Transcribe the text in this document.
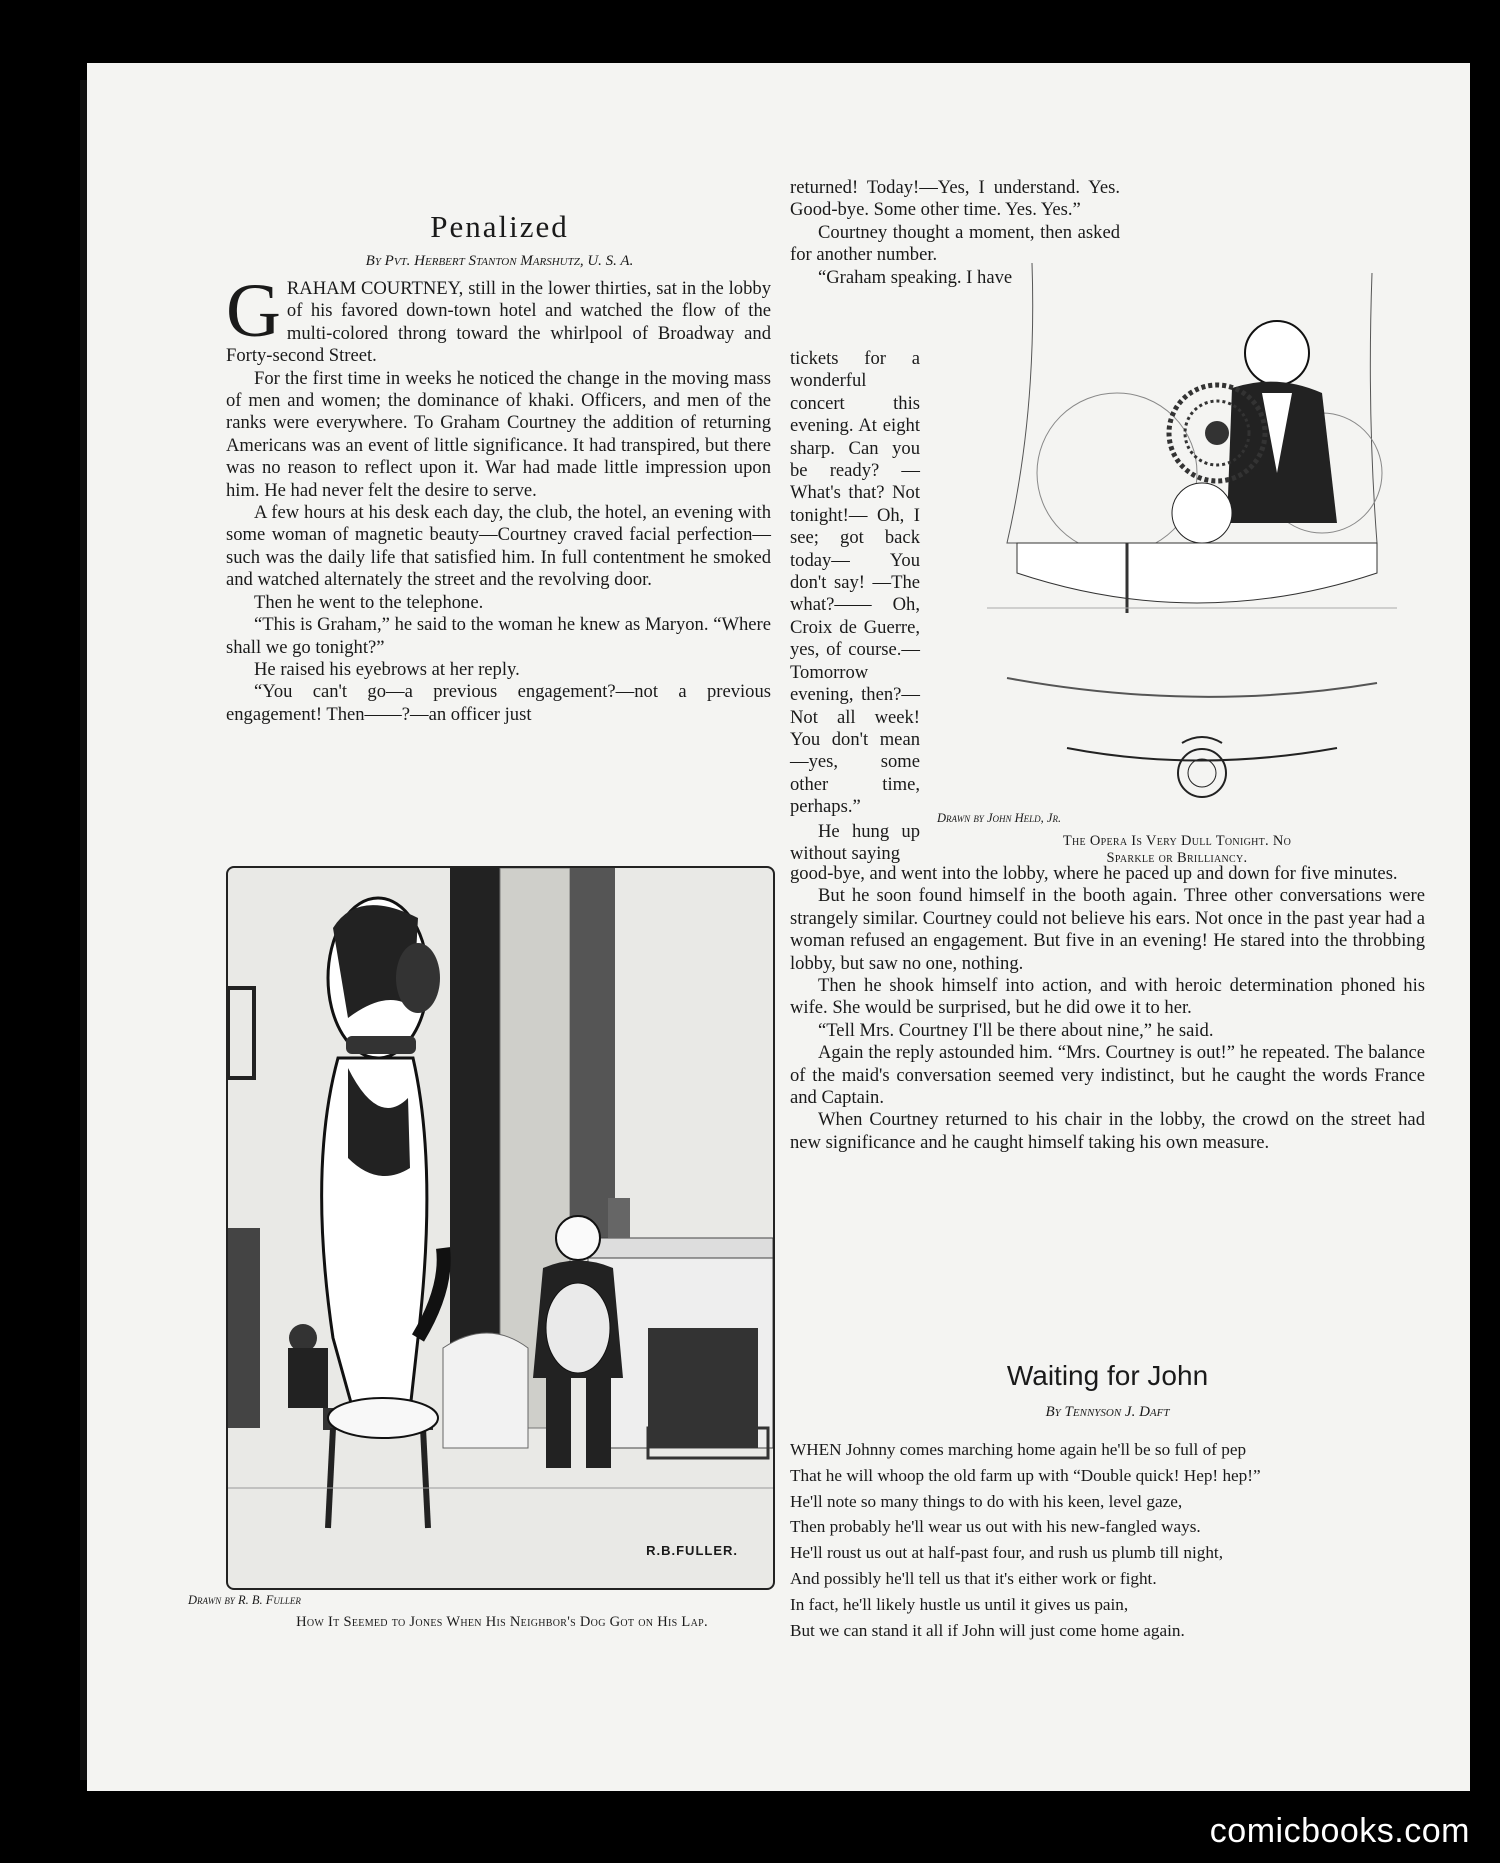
Penalized
By Pvt. Herbert Stanton Marshutz, U. S. A.

GRAHAM COURTNEY, still in the lower thirties, sat in the lobby of his favored down-town hotel and watched the flow of the multi-colored throng toward the whirlpool of Broadway and Forty-second Street.

For the first time in weeks he noticed the change in the moving mass of men and women; the dominance of khaki. Officers, and men of the ranks were everywhere. To Graham Courtney the addition of returning Americans was an event of little significance. It had transpired, but there was no reason to reflect upon it. War had made little impression upon him. He had never felt the desire to serve.

A few hours at his desk each day, the club, the hotel, an evening with some woman of magnetic beauty—Courtney craved facial perfection—such was the daily life that satisfied him. In full contentment he smoked and watched alternately the street and the revolving door.

Then he went to the telephone.

“This is Graham,” he said to the woman he knew as Maryon. “Where shall we go tonight?”

He raised his eyebrows at her reply.

“You can't go—a previous engagement?—not a previous engagement! Then——?—an officer just

R.B.FULLER.
Drawn by R. B. Fuller
How It Seemed to Jones When His Neighbor's Dog Got on His Lap.

returned! Today!—Yes, I understand. Yes. Good-bye. Some other time. Yes. Yes.”

Courtney thought a moment, then asked for another number.

“Graham speaking. I have

tickets for a wonderful concert this evening. At eight sharp. Can you be ready? —What's that? Not tonight!— Oh, I see; got back today— You don't say! —The what?—— Oh, Croix de Guerre, yes, of course.—Tomorrow evening, then?— Not all week! You don't mean —yes, some other time, perhaps.”
He hung up without saying
Drawn by John Held, Jr.
The Opera Is Very Dull Tonight. No
Sparkle or Brilliancy.

good-bye, and went into the lobby, where he paced up and down for five minutes.

But he soon found himself in the booth again. Three other conversations were strangely similar. Courtney could not believe his ears. Not once in the past year had a woman refused an engagement. But five in an evening! He stared into the throbbing lobby, but saw no one, nothing.

Then he shook himself into action, and with heroic determination phoned his wife. She would be surprised, but he did owe it to her.

“Tell Mrs. Courtney I'll be there about nine,” he said.

Again the reply astounded him. “Mrs. Courtney is out!” he repeated. The balance of the maid's conversation seemed very indistinct, but he caught the words France and Captain.

When Courtney returned to his chair in the lobby, the crowd on the street had new significance and he caught himself taking his own measure.

Waiting for John
By Tennyson J. Daft
WHEN Johnny comes marching home again he'll be so full of pep
That he will whoop the old farm up with “Double quick! Hep! hep!”
He'll note so many things to do with his keen, level gaze,
Then probably he'll wear us out with his new-fangled ways.
He'll roust us out at half-past four, and rush us plumb till night,
And possibly he'll tell us that it's either work or fight.
In fact, he'll likely hustle us until it gives us pain,
But we can stand it all if John will just come home again.
comicbooks.com
